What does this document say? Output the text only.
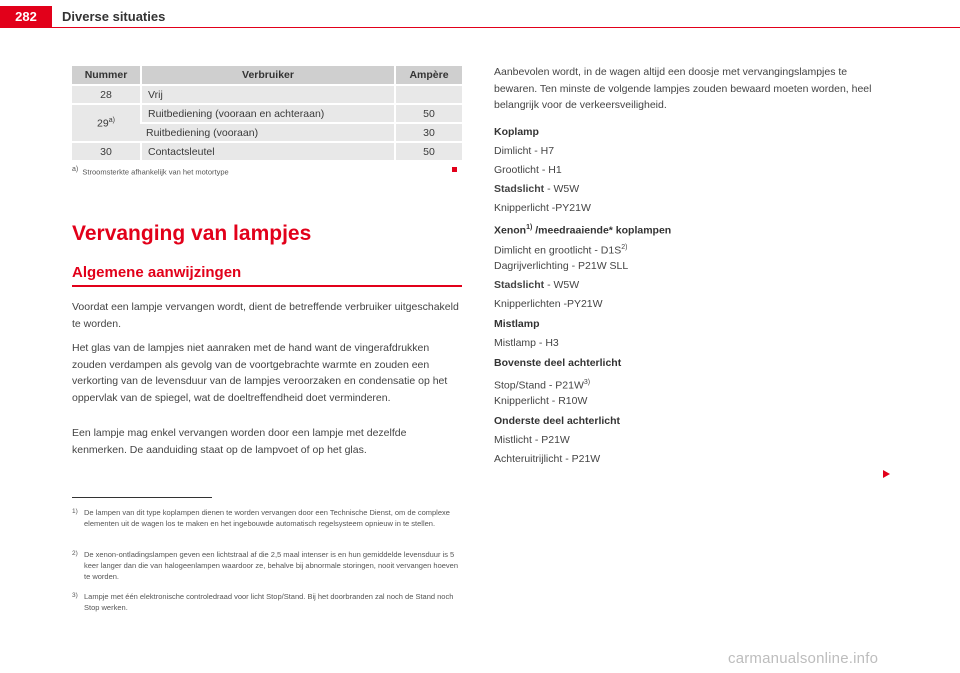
282	Diverse situaties
Nummer	Verbruiker	Ampère
28	Vrij	
29$^{a)}$	Ruitbediening (vooraan en achteraan)	50
	Ruitbediening (vooraan)	30
30	Contactsleutel	50
$^{a)}$ Stroomsterkte afhankelijk van het motortype
Vervanging van lampjes
Algemene aanwijzingen

Voordat een lampje vervangen wordt, dient de betreffende verbruiker uitgeschakeld te worden.

Het glas van de lampjes niet aanraken met de hand want de vingerafdrukken zouden verdampen als gevolg van de voortgebrachte warmte en zouden een verkorting van de levensduur van de lampjes veroorzaken en condensatie op het oppervlak van de spiegel, wat de doeltreffendheid doet verminderen.

Een lampje mag enkel vervangen worden door een lampje met dezelfde kenmerken. De aanduiding staat op de lampvoet of op het glas.

1) De lampen van dit type koplampen dienen te worden vervangen door een Technische Dienst, om de complexe elementen uit de wagen los te maken en het ingebouwde automatisch regelsysteem opnieuw in te stellen.

2) De xenon-ontladingslampen geven een lichtstraal af die 2,5 maal intenser is en hun gemiddelde levensduur is 5 keer langer dan die van halogeenlampen waardoor ze, behalve bij abnormale storingen, nooit vervangen hoeven te worden.

3) Lampje met één elektronische controledraad voor licht Stop/Stand. Bij het doorbranden zal noch de Stand noch Stop werken.

Aanbevolen wordt, in de wagen altijd een doosje met vervangingslampjes te bewaren. Ten minste de volgende lampjes zouden bewaard moeten worden, heel belangrijk voor de verkeersveiligheid.

Koplamp

Dimlicht - H7

Grootlicht - H1

Stadslicht - W5W

Knipperlicht -PY21W

Xenon$^{1)}$ /meedraaiende* koplampen

Dimlicht en grootlicht - $D1S^{2)}$

Dagrijverlichting - P21W SLL

Stadslicht - W5W

Knipperlichten -PY21W

Mistlamp

Mistlamp - H3

Bovenste deel achterlicht

Stop/Stand - $P21W^{3)}$

Knipperlicht - R10W

Onderste deel achterlicht

Mistlicht - P21W

Achteruitrijlicht - P21W

carmanualsonline.info
